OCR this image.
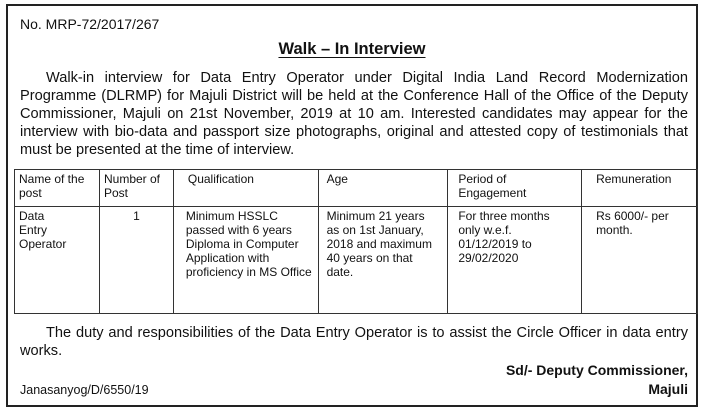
No. MRP-72/2017/267
Walk – In Interview
Walk-in interview for Data Entry Operator under Digital India Land Record Modernization Programme (DLRMP) for Majuli District will be held at the Conference Hall of the Office of the Deputy Commissioner, Majuli on 21st November, 2019 at 10 am. Interested candidates may appear for the interview with bio-data and passport size photographs, original and attested copy of testimonials that must be presented at the time of interview.
Name of the post	Number of Post	Qualification	Age	Period of Engagement	Remuneration
Data Entry Operator	1	Minimum HSSLC passed with 6 years Diploma in Computer Application with proficiency in MS Office	Minimum 21 years as on 1st January, 2018 and maximum 40 years on that date.	For three months only w.e.f. 01/12/2019 to 29/02/2020	Rs 6000/- per month.
The duty and responsibilities of the Data Entry Operator is to assist the Circle Officer in data entry works.
Sd/- Deputy Commissioner,
Majuli
Janasanyog/D/6550/19
